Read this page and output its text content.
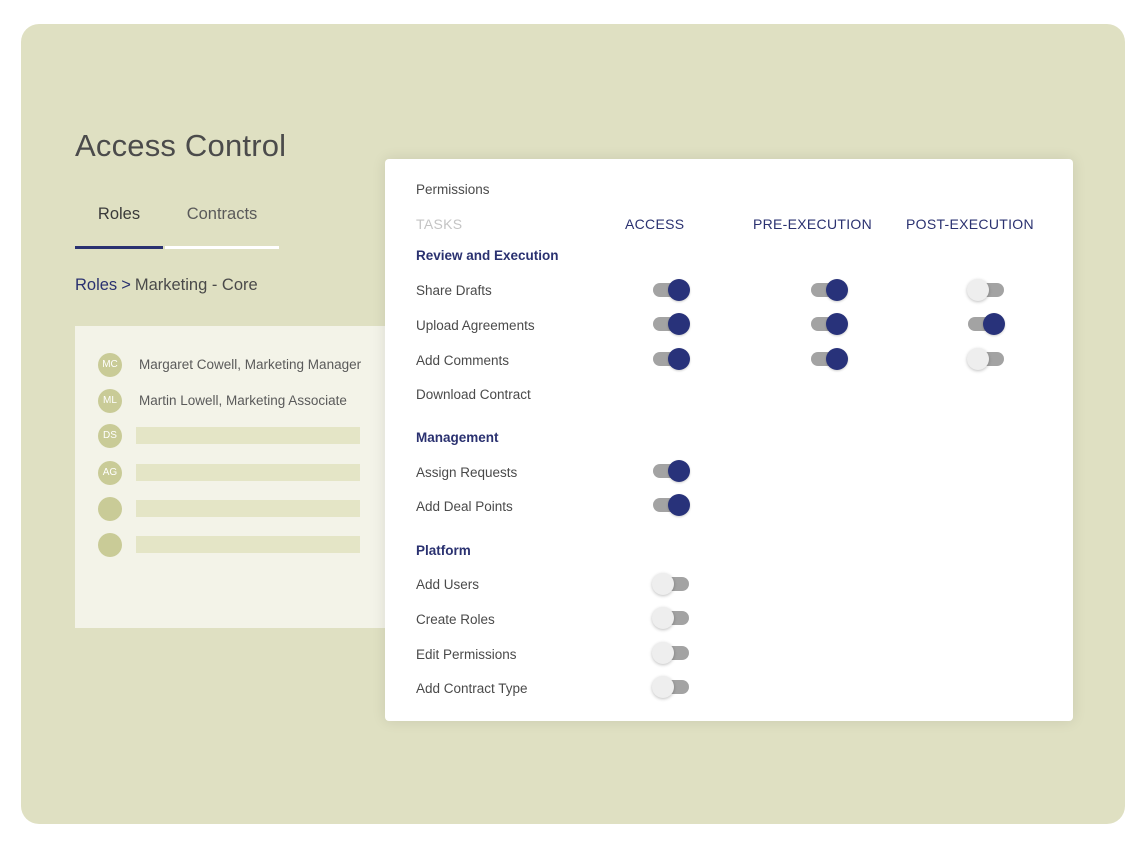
Access Control
Roles	Contracts
Roles > Marketing - Core
MC	Margaret Cowell, Marketing Manager
ML	Martin Lowell, Marketing Associate
DS
AG
Permissions
TASKS	ACCESS	PRE-EXECUTION POST-EXECUTION
Review and Execution
Share Drafts
Upload Agreements
Add Comments
Download Contract
Management
Assign Requests
Add Deal Points
Platform
Add Users
Create Roles
Edit Permissions
Add Contract Type
